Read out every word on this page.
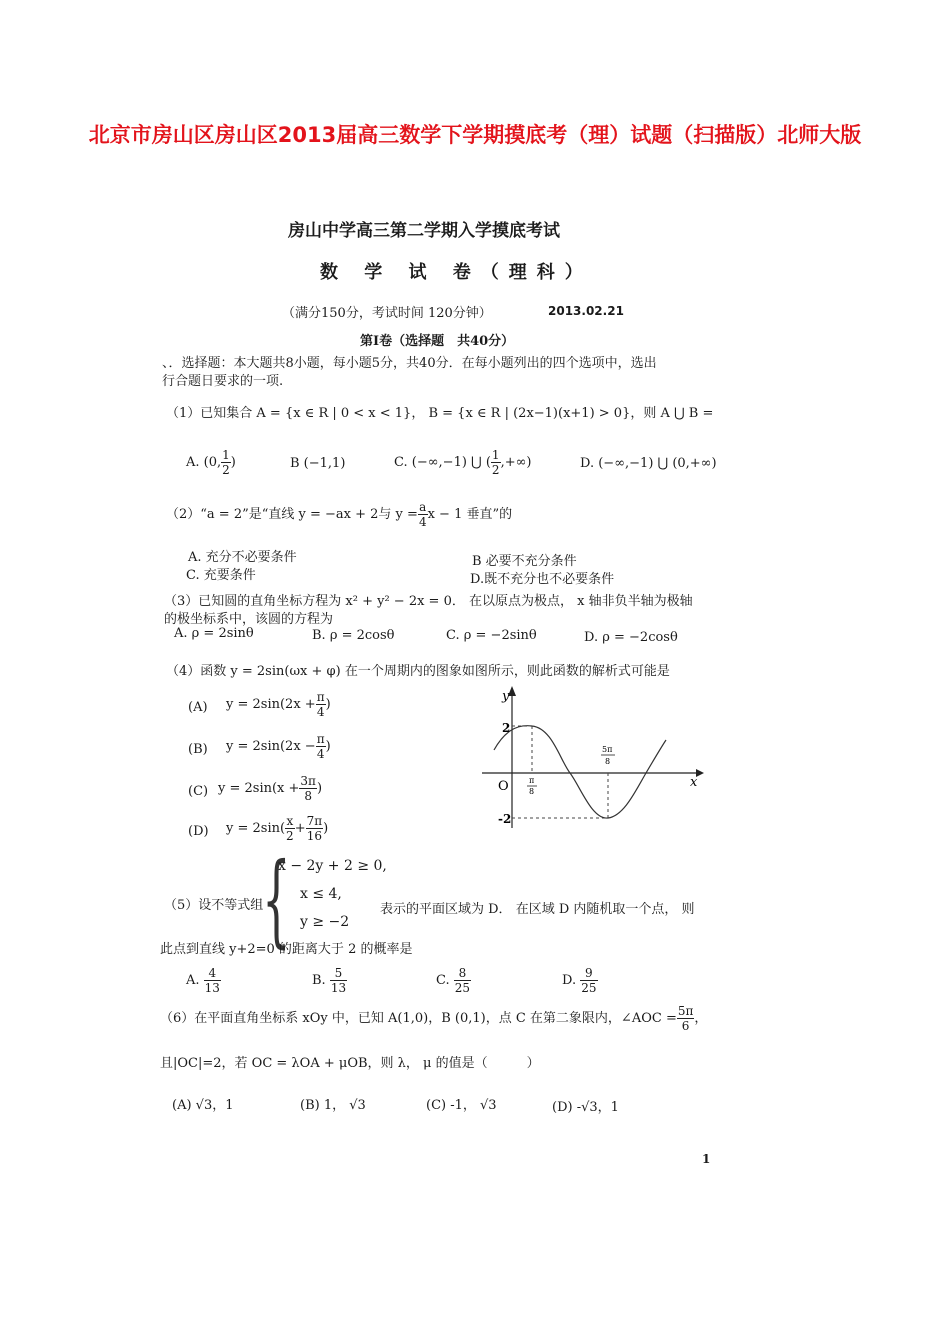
北京市房山区房山区2013届高三数学下学期摸底考（理）试题（扫描版）北师大版
房山中学高三第二学期入学摸底考试
数 学 试 卷（理科）
（满分150分，考试时间 120分钟）	2013.02.21
第Ⅰ卷（选择题　共40分）
、．选择题：本大题共8小题，每小题5分，共40分．在每小题列出的四个选项中，选出
行合题日要求的一项.
（1）已知集合 A = {x ∈ R | 0 < x < 1}， B = {x ∈ R | (2x−1)(x+1) > 0}，则 A ⋃ B =
A. (0, $\frac{1}{2}$ )	B (−1,1)	C. (−∞,−1) ⋃ ( $\frac{1}{2}$ ,+∞)	D. (−∞,−1) ⋃ (0,+∞)
（2）“a = 2”是“直线 y = −ax + 2与 $y = \frac{a}{4}$ x − 1 垂直”的
A. 充分不必要条件	B 必要不充分条件
C. 充要条件	D.既不充分也不必要条件
（3）已知圆的直角坐标方程为 x² + y² − 2x = 0． 在以原点为极点， x 轴非负半轴为极轴
的极坐标系中，该圆的方程为
A. ρ = 2sinθ	B. ρ = 2cosθ	C. ρ = −2sinθ	D. ρ = −2cosθ
（4）函数 y = 2sin(ωx + φ) 在一个周期内的图象如图所示，则此函数的解析式可能是
(A) $y = 2\sin(2x + \frac{\pi}{4}$ )
(B) $y = 2\sin(2x - \frac{\pi}{4}$ )
(C) $y = 2\sin(x + \frac{3\pi}{8}$ )
(D) $y = 2\sin( \frac{x}{2} + \frac{7\pi}{16}$ )
y
x
O
2
-2
π
8
5π
8
（5）设不等式组
{
x − 2y + 2 ≥ 0,
x ≤ 4,
y ≥ −2
表示的平面区域为 D． 在区域 D 内随机取一个点， 则
此点到直线 y+2=0 的距离大于 2 的概率是
A. $\frac{4}{13}$	B. $\frac{5}{13}$	C. $\frac{8}{25}$	D. $\frac{9}{25}$
（6）在平面直角坐标系 xOy 中，已知 A(1,0)，B (0,1)，点 C 在第二象限内，∠AOC = $\frac{5\pi}{6}$ ，
且|OC|=2，若 OC = λOA + μOB，则 λ， μ 的值是（　　　）
(A) √3，1	(B) 1， √3	(C) -1， √3	(D) -√3，1
1
